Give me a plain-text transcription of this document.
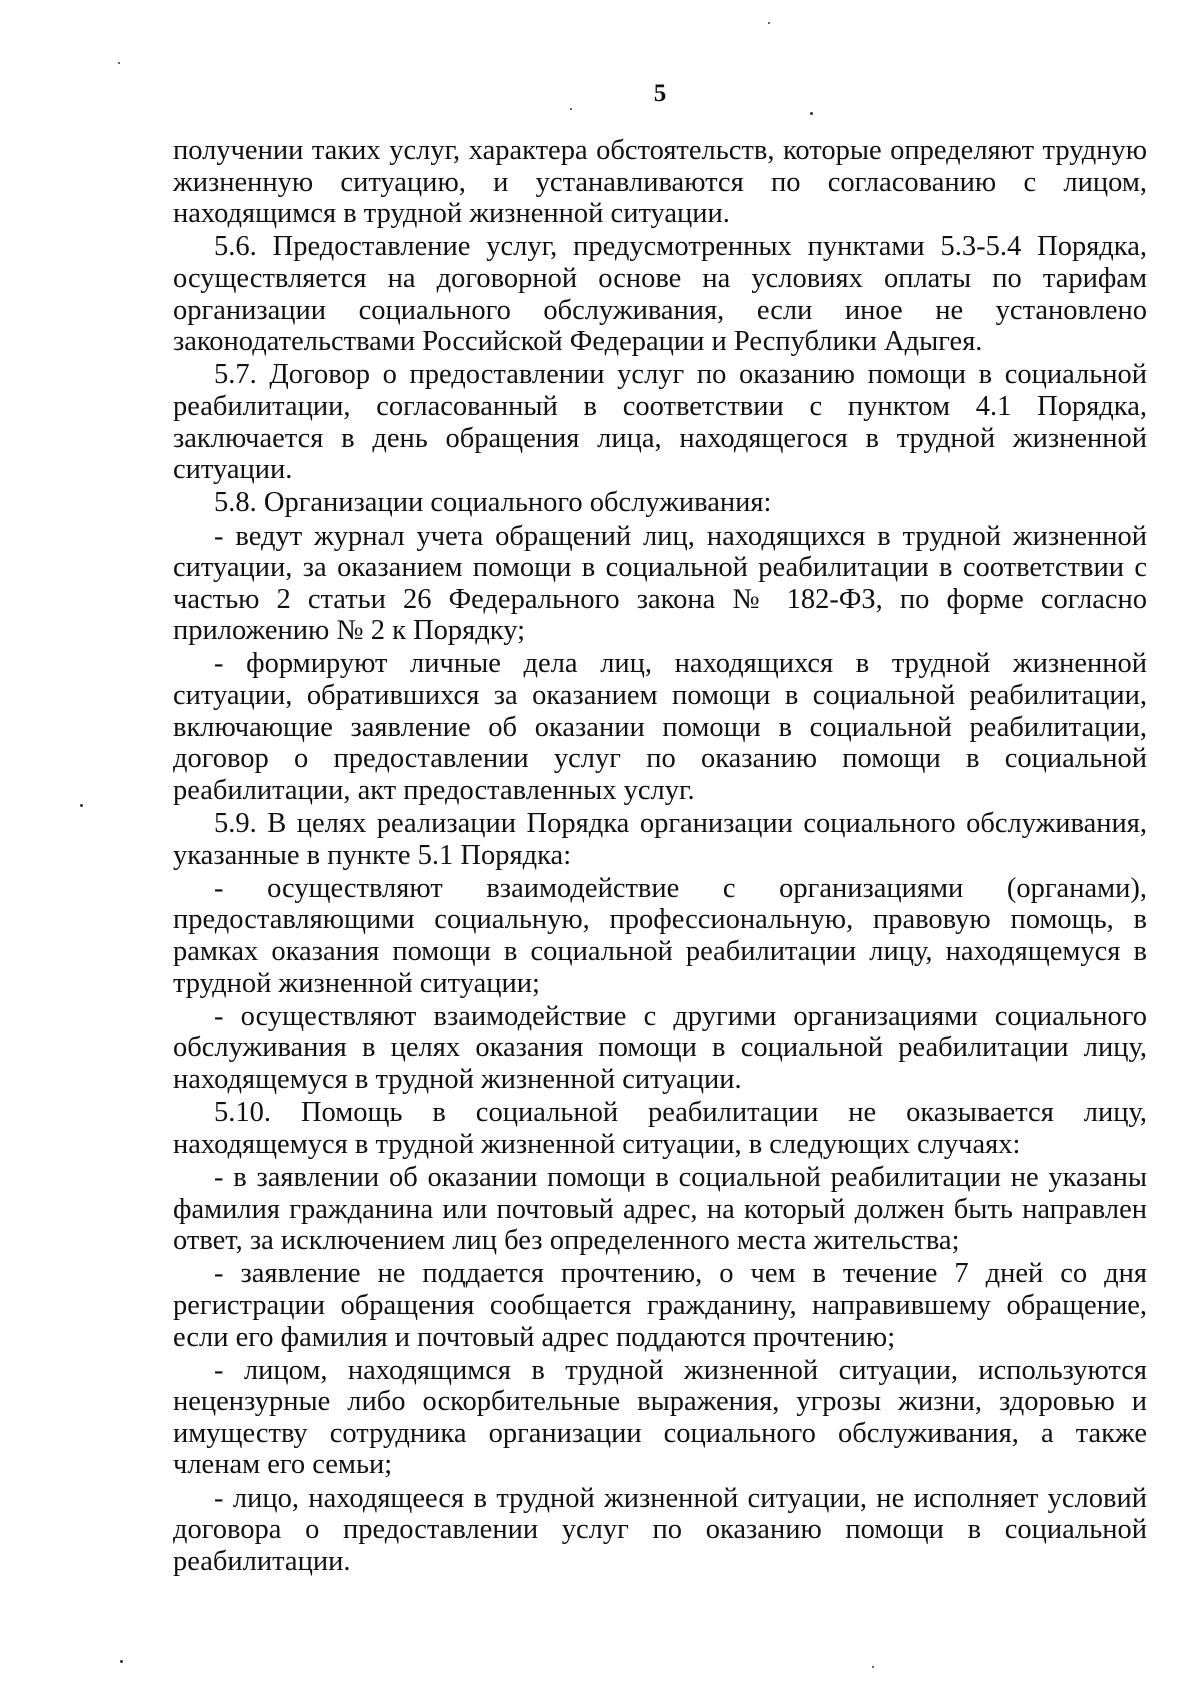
5

получении таких услуг, характера обстоятельств, которые определяют трудную жизненную ситуацию, и устанавливаются по согласованию с лицом, находящимся в трудной жизненной ситуации.

5.6. Предоставление услуг, предусмотренных пунктами 5.3-5.4 Порядка, осуществляется на договорной основе на условиях оплаты по тарифам организации социального обслуживания, если иное не установлено законодательствами Российской Федерации и Республики Адыгея.

5.7. Договор о предоставлении услуг по оказанию помощи в социальной реабилитации, согласованный в соответствии с пунктом 4.1 Порядка, заключается в день обращения лица, находящегося в трудной жизненной ситуации.

5.8. Организации социального обслуживания:

- ведут журнал учета обращений лиц, находящихся в трудной жизненной ситуации, за оказанием помощи в социальной реабилитации в соответствии с частью 2 статьи 26 Федерального закона № 182-ФЗ, по форме согласно приложению № 2 к Порядку;

- формируют личные дела лиц, находящихся в трудной жизненной ситуации, обратившихся за оказанием помощи в социальной реабилитации, включающие заявление об оказании помощи в социальной реабилитации, договор о предоставлении услуг по оказанию помощи в социальной реабилитации, акт предоставленных услуг.

5.9. В целях реализации Порядка организации социального обслуживания, указанные в пункте 5.1 Порядка:

- осуществляют взаимодействие с организациями (органами), предоставляющими социальную, профессиональную, правовую помощь, в рамках оказания помощи в социальной реабилитации лицу, находящемуся в трудной жизненной ситуации;

- осуществляют взаимодействие с другими организациями социального обслуживания в целях оказания помощи в социальной реабилитации лицу, находящемуся в трудной жизненной ситуации.

5.10. Помощь в социальной реабилитации не оказывается лицу, находящемуся в трудной жизненной ситуации, в следующих случаях:

- в заявлении об оказании помощи в социальной реабилитации не указаны фамилия гражданина или почтовый адрес, на который должен быть направлен ответ, за исключением лиц без определенного места жительства;

- заявление не поддается прочтению, о чем в течение 7 дней со дня регистрации обращения сообщается гражданину, направившему обращение, если его фамилия и почтовый адрес поддаются прочтению;

- лицом, находящимся в трудной жизненной ситуации, используются нецензурные либо оскорбительные выражения, угрозы жизни, здоровью и имуществу сотрудника организации социального обслуживания, а также членам его семьи;

- лицо, находящееся в трудной жизненной ситуации, не исполняет условий договора о предоставлении услуг по оказанию помощи в социальной реабилитации.
